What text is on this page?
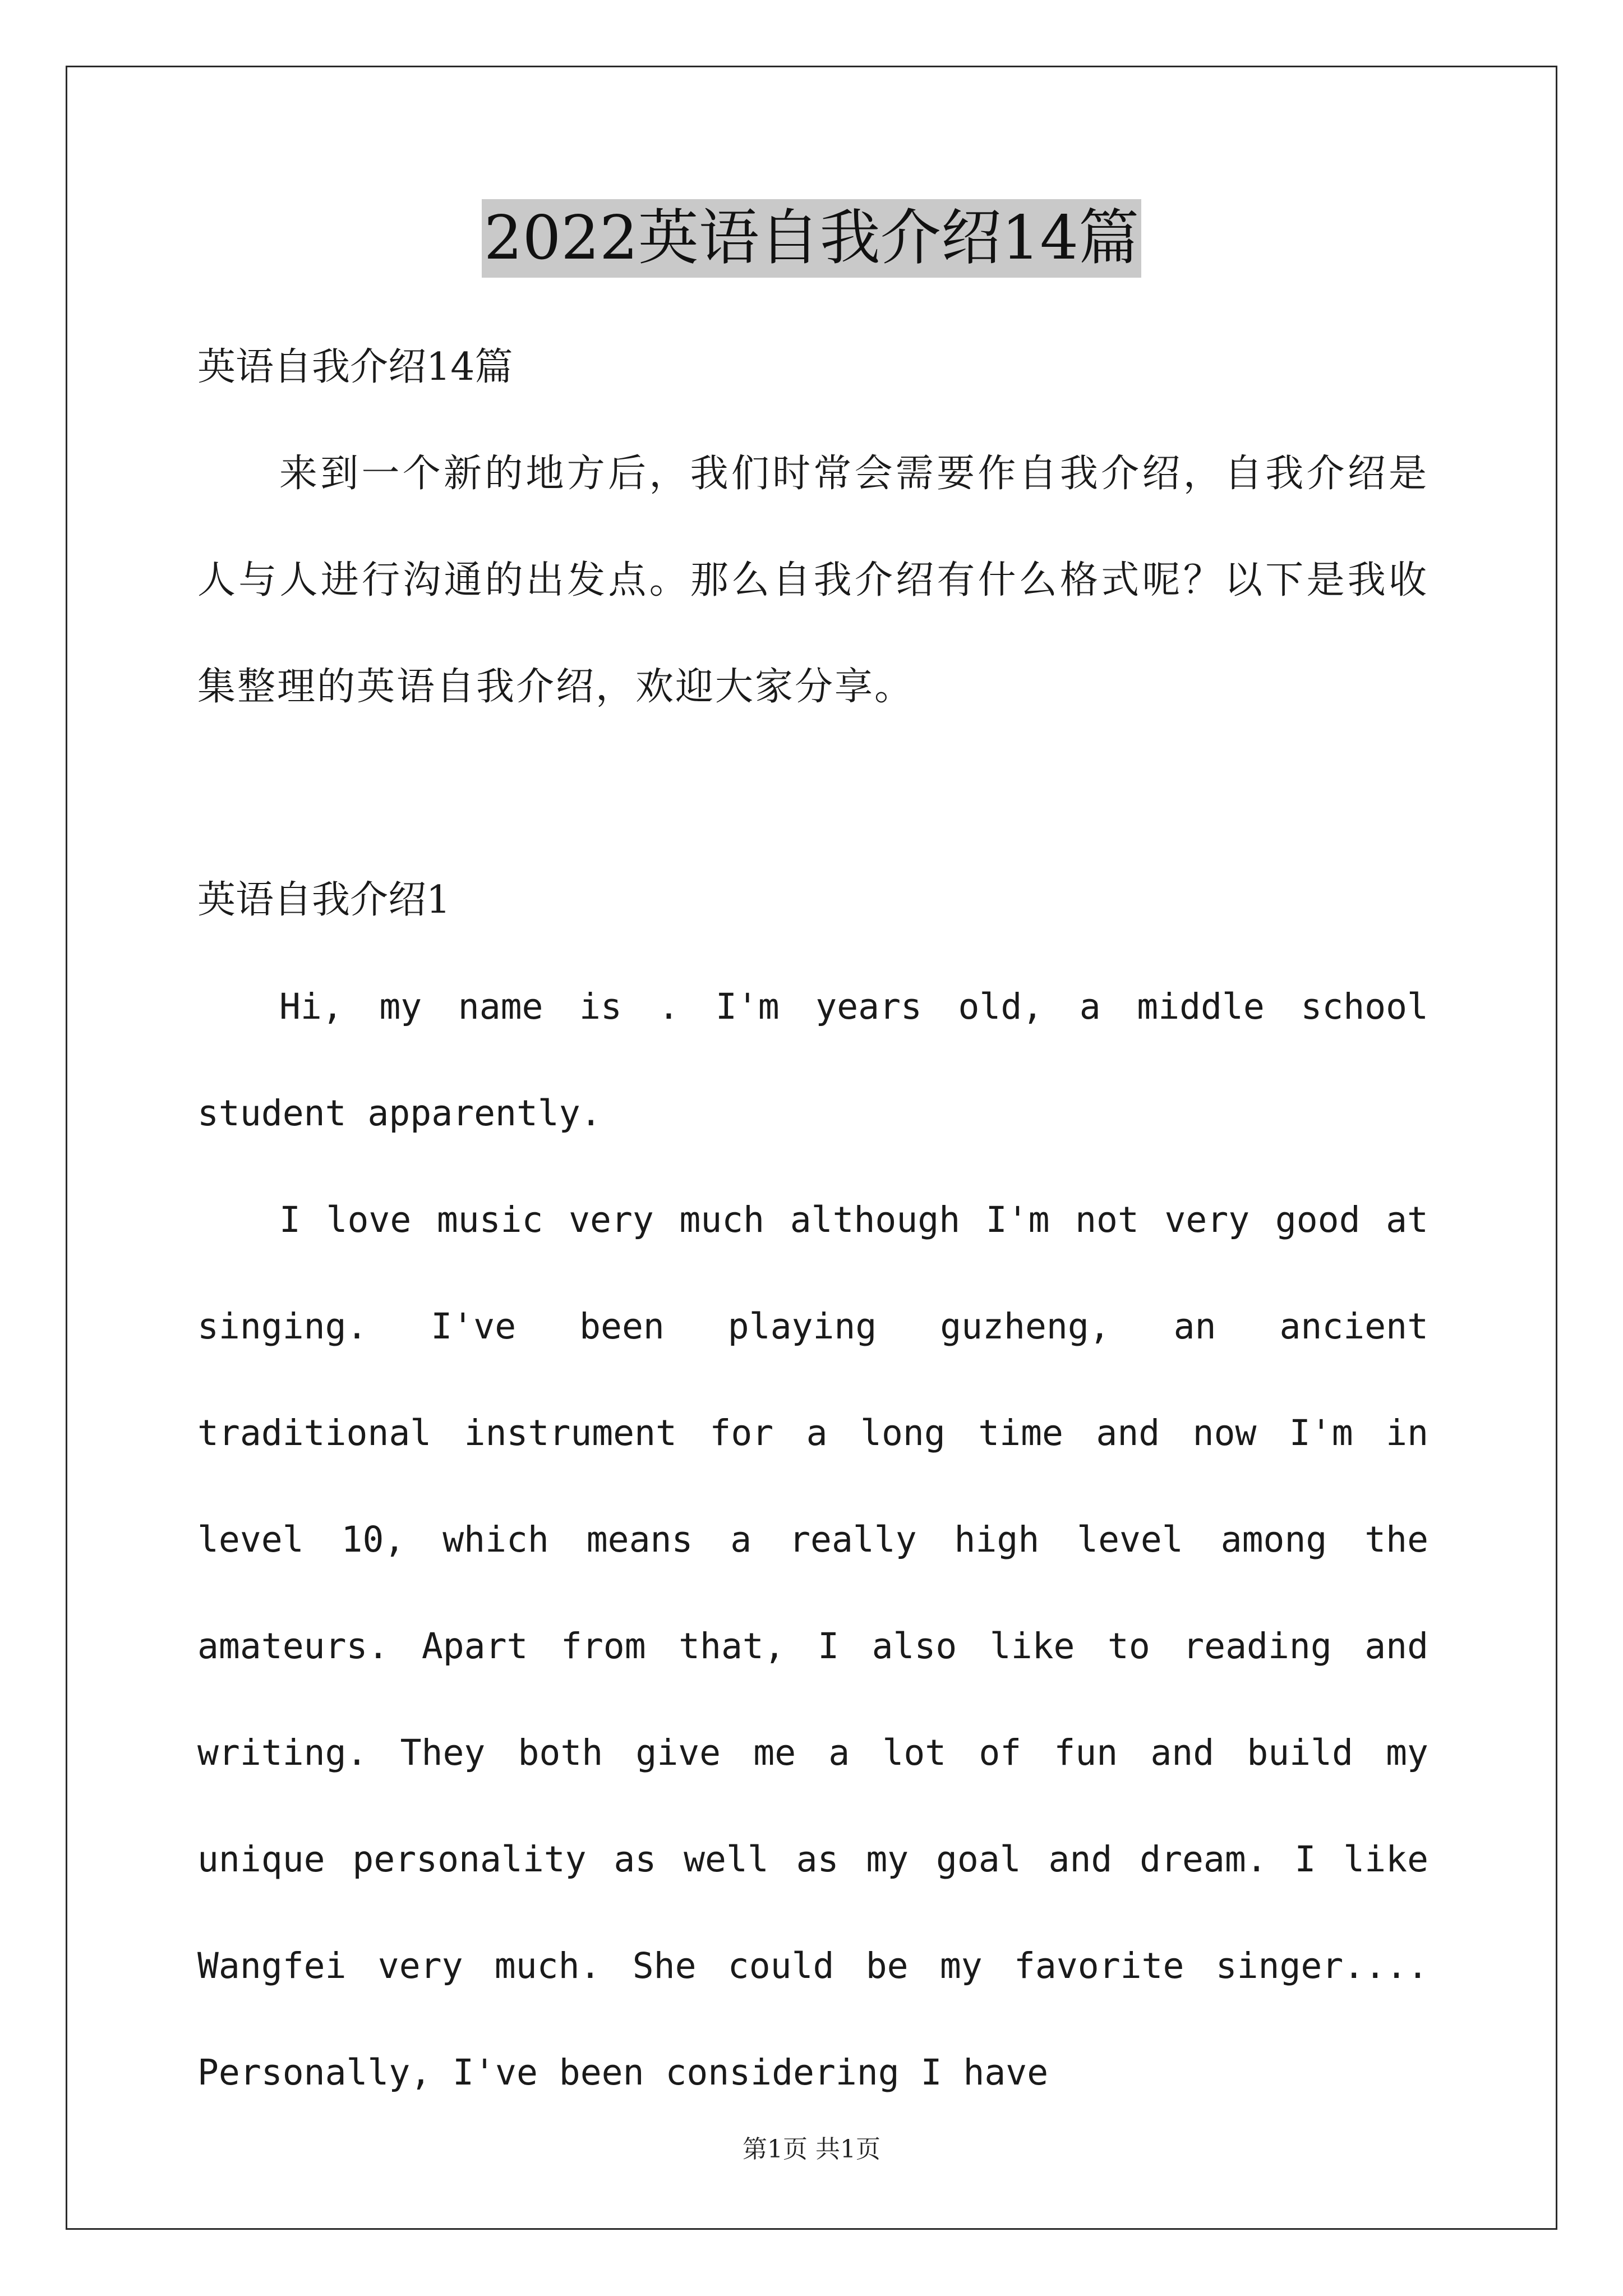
2022英语自我介绍14篇

英语自我介绍14篇

来到一个新的地方后，我们时常会需要作自我介绍，自我介绍是人与人进行沟通的出发点。那么自我介绍有什么格式呢？以下是我收集整理的英语自我介绍，欢迎大家分享。

英语自我介绍1

Hi, my name is . I'm years old, a middle school student apparently.

I love music very much although I'm not very good at singing. I've been playing guzheng, an ancient traditional instrument for a long time and now I'm in level 10, which means a really high level among the amateurs. Apart from that, I also like to reading and writing. They both give me a lot of fun and build my unique personality as well as my goal and dream. I like Wangfei very much. She could be my favorite singer.... Personally, I've been considering I have

第1页 共1页
